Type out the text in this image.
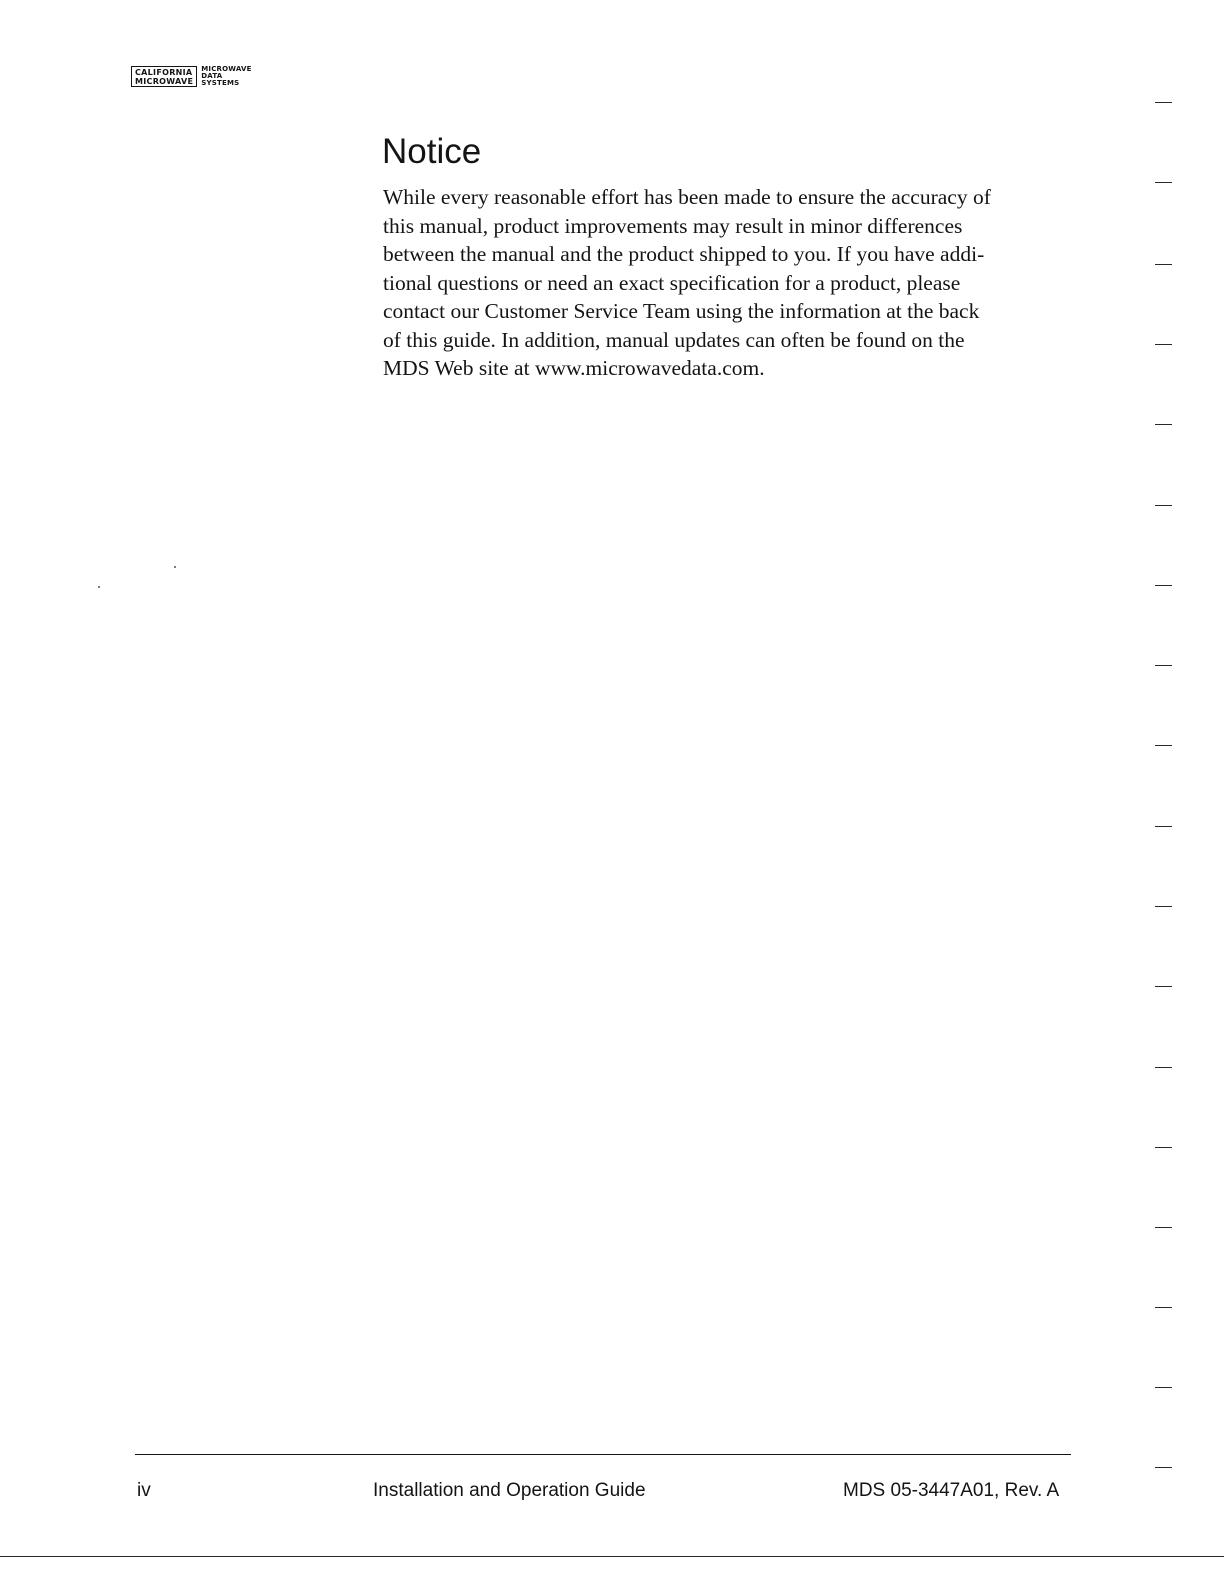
CALIFORNIA
MICROWAVE
MICROWAVE
DATA
SYSTEMS
Notice

While every reasonable effort has been made to ensure the accuracy of
this manual, product improvements may result in minor differences
between the manual and the product shipped to you. If you have addi-
tional questions or need an exact specification for a product, please
contact our Customer Service Team using the information at the back
of this guide. In addition, manual updates can often be found on the
MDS Web site at www.microwavedata.com.

iv	Installation and Operation Guide	MDS 05-3447A01, Rev. A
